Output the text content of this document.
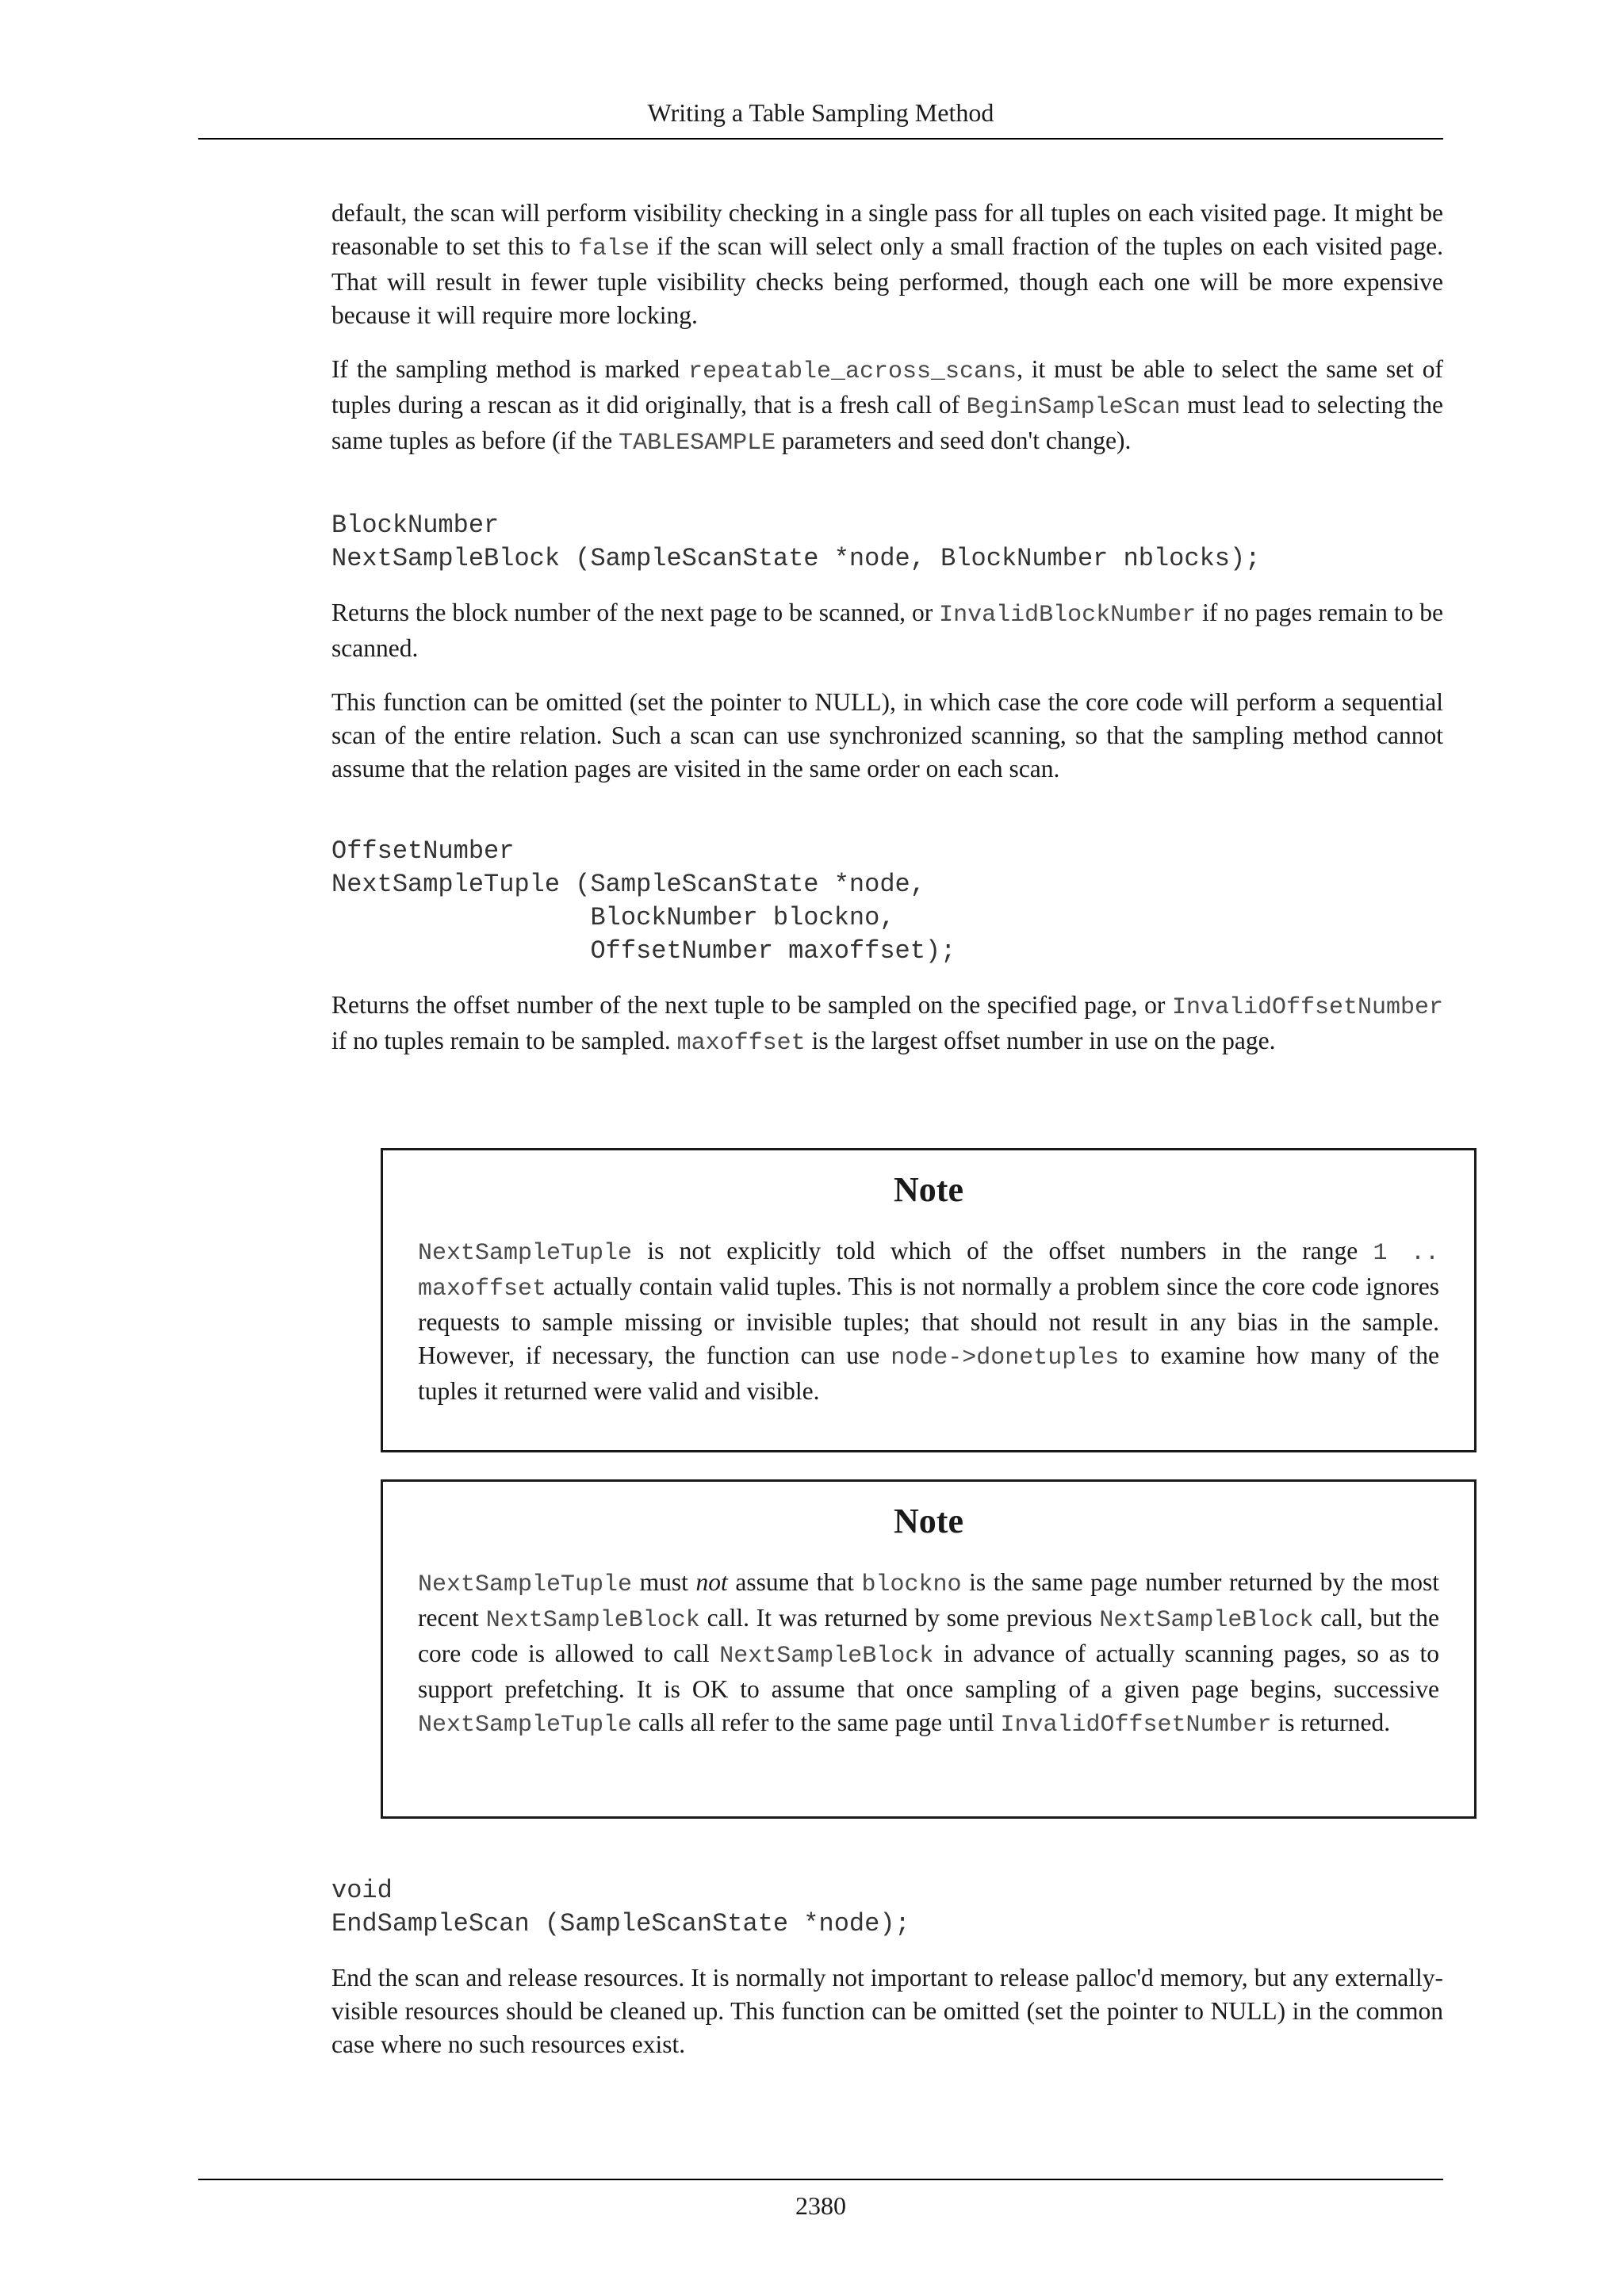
Writing a Table Sampling Method

default, the scan will perform visibility checking in a single pass for all tuples on each visited page. It might be reasonable to set this to false if the scan will select only a small fraction of the tuples on each visited page. That will result in fewer tuple visibility checks being performed, though each one will be more expensive because it will require more locking.

If the sampling method is marked repeatable_across_scans, it must be able to select the same set of tuples during a rescan as it did originally, that is a fresh call of BeginSampleScan must lead to selecting the same tuples as before (if the TABLESAMPLE parameters and seed don't change).

BlockNumber
NextSampleBlock (SampleScanState *node, BlockNumber nblocks);

Returns the block number of the next page to be scanned, or InvalidBlockNumber if no pages remain to be scanned.

This function can be omitted (set the pointer to NULL), in which case the core code will perform a sequential scan of the entire relation. Such a scan can use synchronized scanning, so that the sampling method cannot assume that the relation pages are visited in the same order on each scan.

OffsetNumber
NextSampleTuple (SampleScanState *node,
BlockNumber blockno,
OffsetNumber maxoffset);

Returns the offset number of the next tuple to be sampled on the specified page, or InvalidOffsetNumber if no tuples remain to be sampled. maxoffset is the largest offset number in use on the page.

Note

NextSampleTuple is not explicitly told which of the offset numbers in the range 1 .. maxoffset actually contain valid tuples. This is not normally a problem since the core code ignores requests to sample missing or invisible tuples; that should not result in any bias in the sample. However, if necessary, the function can use node->donetuples to examine how many of the tuples it returned were valid and visible.

Note

NextSampleTuple must not assume that blockno is the same page number returned by the most recent NextSampleBlock call. It was returned by some previous NextSampleBlock call, but the core code is allowed to call NextSampleBlock in advance of actually scanning pages, so as to support prefetching. It is OK to assume that once sampling of a given page begins, successive NextSampleTuple calls all refer to the same page until InvalidOffsetNumber is returned.

void
EndSampleScan (SampleScanState *node);

End the scan and release resources. It is normally not important to release palloc'd memory, but any externally-visible resources should be cleaned up. This function can be omitted (set the pointer to NULL) in the common case where no such resources exist.

2380
